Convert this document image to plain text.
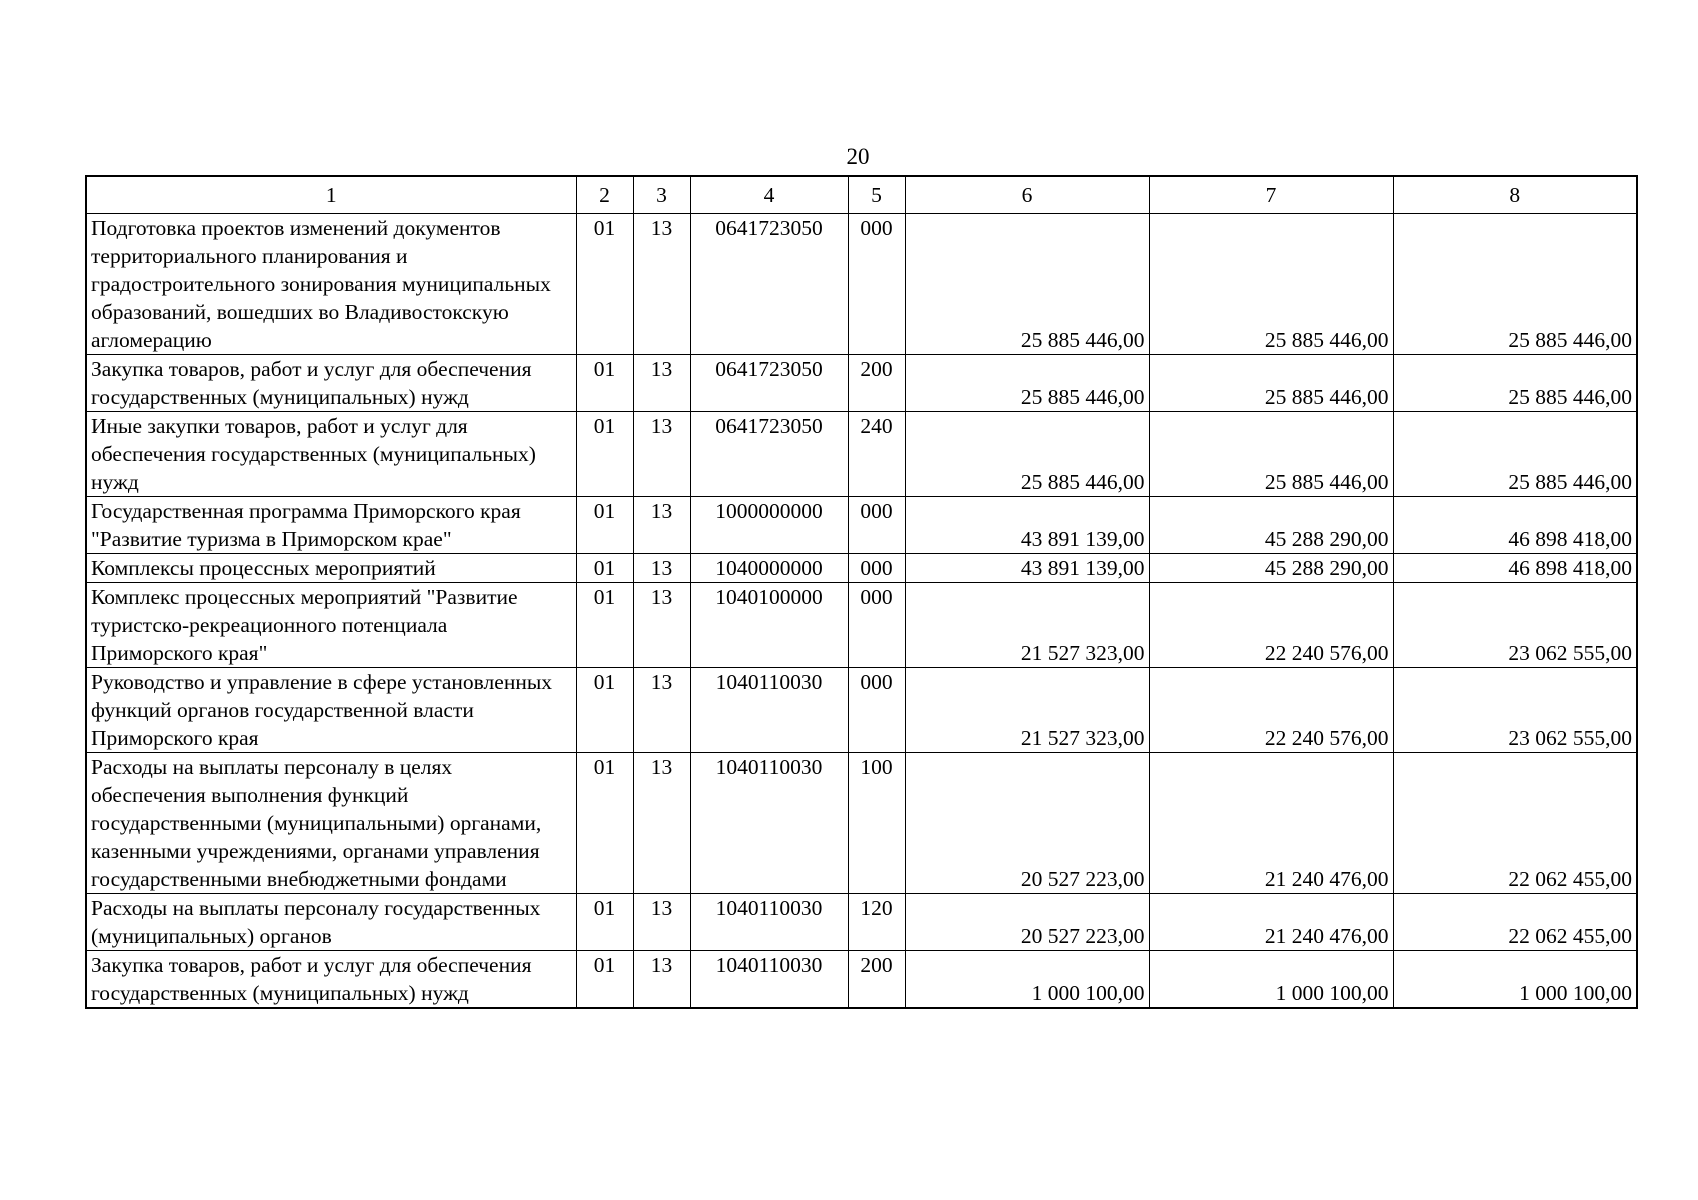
20
1	2	3	4	5	6	7	8
Подготовка проектов изменений документов территориального планирования и градостроительного зонирования муниципальных образований, вошедших во Владивостокскую агломерацию	01	13	0641723050	000	25 885 446,00	25 885 446,00	25 885 446,00
Закупка товаров, работ и услуг для обеспечения государственных (муниципальных) нужд	01	13	0641723050	200	25 885 446,00	25 885 446,00	25 885 446,00
Иные закупки товаров, работ и услуг для обеспечения государственных (муниципальных) нужд	01	13	0641723050	240	25 885 446,00	25 885 446,00	25 885 446,00
Государственная программа Приморского края "Развитие туризма в Приморском крае"	01	13	1000000000	000	43 891 139,00	45 288 290,00	46 898 418,00
Комплексы процессных мероприятий	01	13	1040000000	000	43 891 139,00	45 288 290,00	46 898 418,00
Комплекс процессных мероприятий "Развитие туристско-рекреационного потенциала Приморского края"	01	13	1040100000	000	21 527 323,00	22 240 576,00	23 062 555,00
Руководство и управление в сфере установленных функций органов государственной власти Приморского края	01	13	1040110030	000	21 527 323,00	22 240 576,00	23 062 555,00
Расходы на выплаты персоналу в целях обеспечения выполнения функций государственными (муниципальными) органами, казенными учреждениями, органами управления государственными внебюджетными фондами	01	13	1040110030	100	20 527 223,00	21 240 476,00	22 062 455,00
Расходы на выплаты персоналу государственных (муниципальных) органов	01	13	1040110030	120	20 527 223,00	21 240 476,00	22 062 455,00
Закупка товаров, работ и услуг для обеспечения государственных (муниципальных) нужд	01	13	1040110030	200	1 000 100,00	1 000 100,00	1 000 100,00
